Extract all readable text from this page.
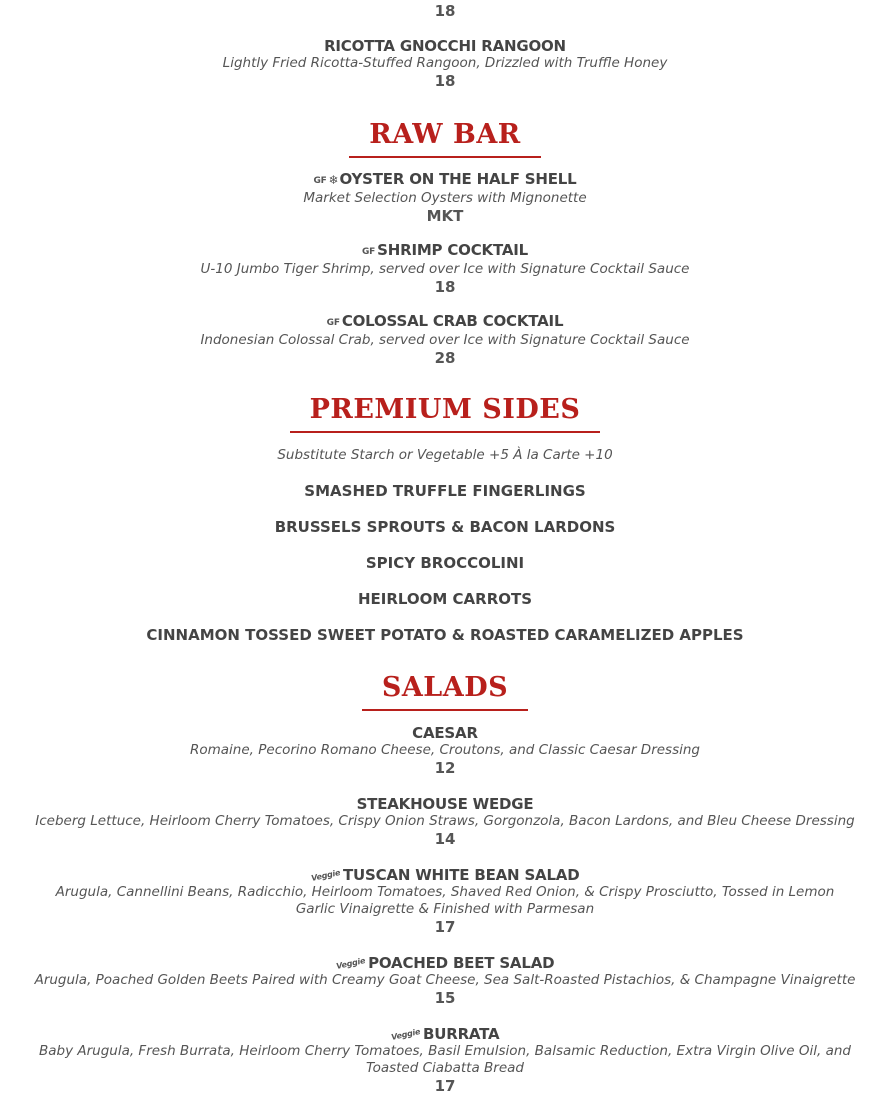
18
RICOTTA GNOCCHI RANGOON
Lightly Fried Ricotta-Stuffed Rangoon, Drizzled with Truffle Honey
18
RAW BAR
GF ❄OYSTER ON THE HALF SHELL
Market Selection Oysters with Mignonette
MKT
GF SHRIMP COCKTAIL
U-10 Jumbo Tiger Shrimp, served over Ice with Signature Cocktail Sauce
18
GF COLOSSAL CRAB COCKTAIL
Indonesian Colossal Crab, served over Ice with Signature Cocktail Sauce
28
PREMIUM SIDES
Substitute Starch or Vegetable +5 À la Carte +10
SMASHED TRUFFLE FINGERLINGS
BRUSSELS SPROUTS & BACON LARDONS
SPICY BROCCOLINI
HEIRLOOM CARROTS
CINNAMON TOSSED SWEET POTATO & ROASTED CARAMELIZED APPLES
SALADS
CAESAR
Romaine, Pecorino Romano Cheese, Croutons, and Classic Caesar Dressing
12
STEAKHOUSE WEDGE
Iceberg Lettuce, Heirloom Cherry Tomatoes, Crispy Onion Straws, Gorgonzola, Bacon Lardons, and Bleu Cheese Dressing
14
Veggie TUSCAN WHITE BEAN SALAD
Arugula, Cannellini Beans, Radicchio, Heirloom Tomatoes, Shaved Red Onion, & Crispy Prosciutto, Tossed in Lemon Garlic Vinaigrette & Finished with Parmesan
17
Veggie POACHED BEET SALAD
Arugula, Poached Golden Beets Paired with Creamy Goat Cheese, Sea Salt-Roasted Pistachios, & Champagne Vinaigrette
15
Veggie BURRATA
Baby Arugula, Fresh Burrata, Heirloom Cherry Tomatoes, Basil Emulsion, Balsamic Reduction, Extra Virgin Olive Oil, and Toasted Ciabatta Bread
17
